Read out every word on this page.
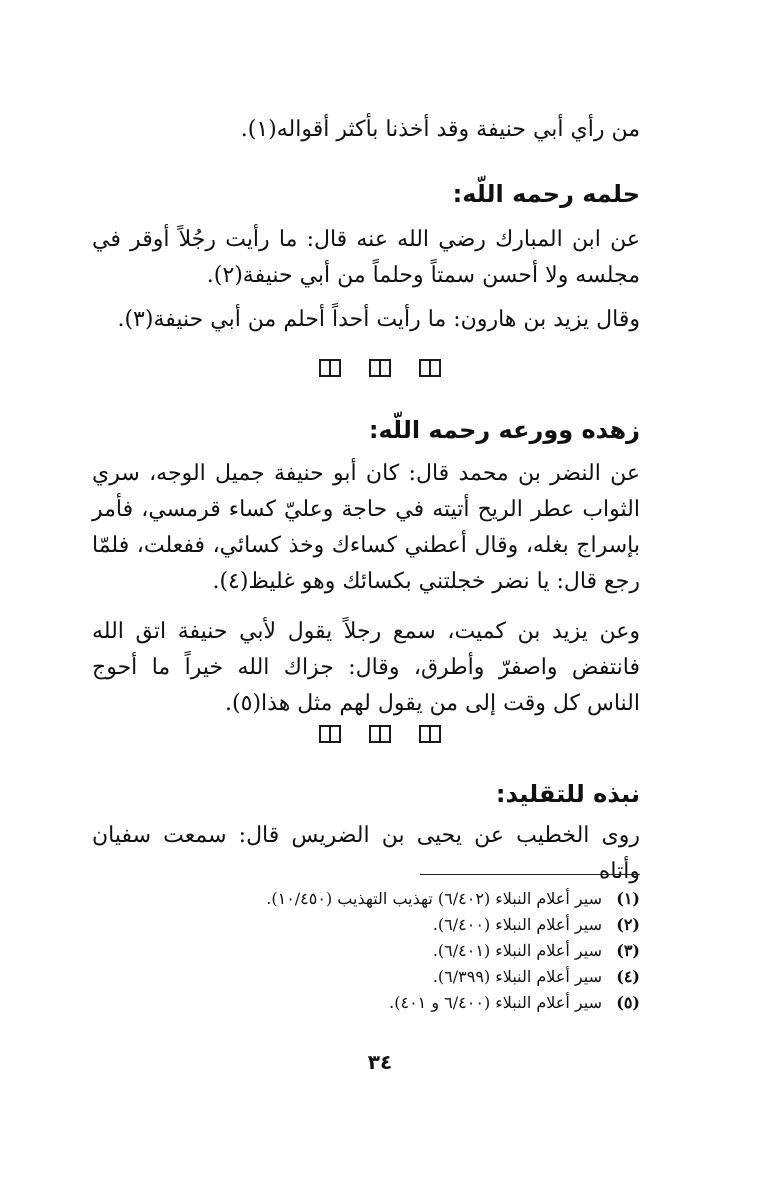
من رأي أبي حنيفة وقد أخذنا بأكثر أقواله(١).

حلمه رحمه اللّه:

عن ابن المبارك رضي الله عنه قال: ما رأيت رجُلاً أوقر في مجلسه ولا أحسن سمتاً وحلماً من أبي حنيفة(٢).

وقال يزيد بن هارون: ما رأيت أحداً أحلم من أبي حنيفة(٣).

زهده وورعه رحمه اللّه:

عن النضر بن محمد قال: كان أبو حنيفة جميل الوجه، سري الثواب عطر الريح أتيته في حاجة وعليّ كساء قرمسي، فأمر بإسراج بغله، وقال أعطني كساءك وخذ كسائي، ففعلت، فلمّا رجع قال: يا نضر خجلتني بكسائك وهو غليظ(٤).

وعن يزيد بن كميت، سمع رجلاً يقول لأبي حنيفة اتق الله فانتفض واصفرّ وأطرق، وقال: جزاك الله خيراً ما أحوج الناس كل وقت إلى من يقول لهم مثل هذا(٥).

نبذه للتقليد:

روى الخطيب عن يحيى بن الضريس قال: سمعت سفيان وأتاه

(١)
سير أعلام النبلاء (٦/٤٠٢) تهذيب التهذيب (١٠/٤٥٠).

(٢)
سير أعلام النبلاء (٦/٤٠٠).

(٣)
سير أعلام النبلاء (٦/٤٠١).

(٤)
سير أعلام النبلاء (٦/٣٩٩).

(٥)
سير أعلام النبلاء (٦/٤٠٠ و ٤٠١).

٣٤
